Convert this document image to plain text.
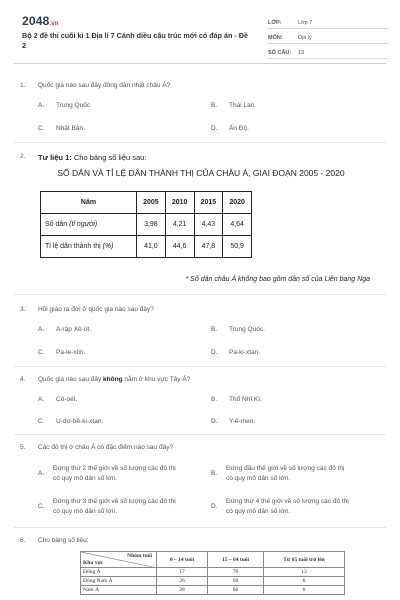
2048.vn
Bộ 2 đề thi cuối kì 1 Địa lí 7 Cánh diều cấu trúc mới có đáp án - Đề 2
LỚP:	Lớp 7
MÔN:	Địa lý
SỐ CÂU:	13
1. Quốc gia nào sau đây đông dân nhất châu Á?
A. Trung Quốc	B. Thái Lan.
C. Nhật Bản.	D. Ấn Độ.
2. Tư liệu 1: Cho bảng số liệu sau:
SỐ DÂN VÀ TỈ LỆ DÂN THÀNH THỊ CỦA CHÂU Á, GIAI ĐOẠN 2005 - 2020
Năm	2005	2010	2015	2020
Số dân (tỉ người)	3,98	4,21	4,43	4,64
Tỉ lệ dân thành thị (%)	41,0	44,6	47,8	50,9
* Số dân châu Á không bao gồm dân số của Liên bang Nga
3. Hồi giáo ra đời ở quốc gia nào sau đây?
A. A-rập Xê-út.	B. Trung Quốc.
C. Pa-le-xtin.	D. Pa-ki-xtan.
4. Quốc gia nào sau đây không nằm ở khu vực Tây Á?
A. Cô-oét.	B. Thổ Nhĩ Kì.
C. U-dơ-bê-ki-xtan.	D. Y-ê-men.
5. Các đô thị ở châu Á có đặc điểm nào sau đây?
A.
Đứng thứ 2 thế giới về số lượng các đô thị
có quy mô dân số lớn.
B.
Đứng đầu thế giới về số lượng các đô thị
có quy mô dân số lớn.
C.
Đứng thứ 3 thế giới về số lượng các đô thị
có quy mô dân số lớn.
D.
Đứng thứ 4 thế giới về số lượng các đô thị
có quy mô dân số lớn.
6. Cho bảng số liệu:
Nhóm tuổi
Khu vực	0 – 14 tuổi	15 – 64 tuổi	Từ 65 tuổi trở lên
Đông Á	17	70	13
Đông Nam Á	26	68	6
Nam Á	28	66	6
